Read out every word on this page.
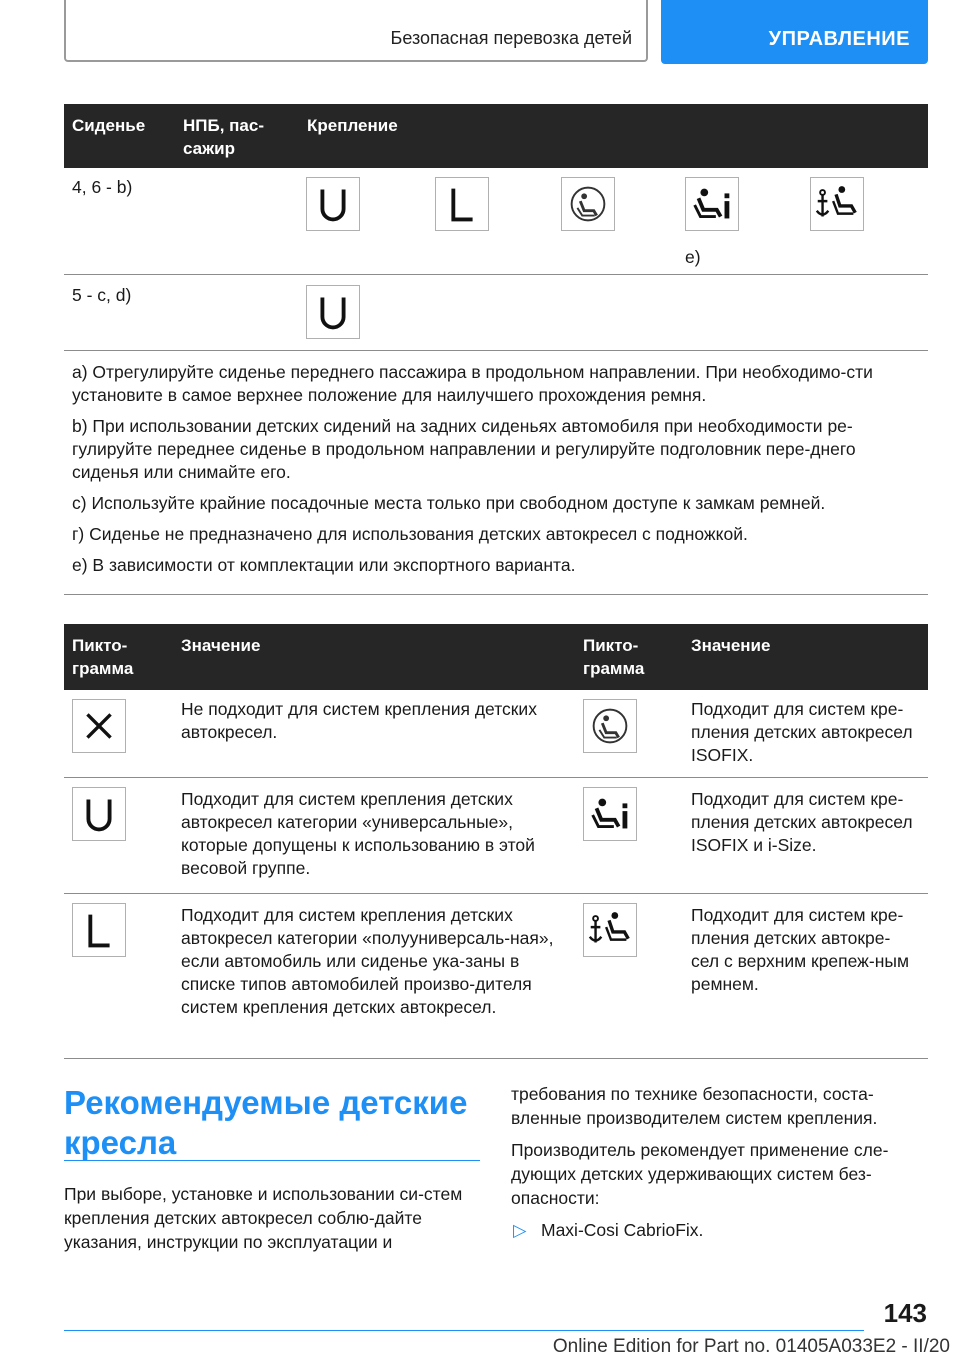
Безопасная перевозка детей	УПРАВЛЕНИЕ
Сиденье НПБ, пас-
сажир
Крепление
4, 6 - b)
e)
5 - c, d)

a) Отрегулируйте сиденье переднего пассажира в продольном направлении. При необходимо-сти установите в самое верхнее положение для наилучшего прохождения ремня.

b) При использовании детских сидений на задних сиденьях автомобиля при необходимости ре-гулируйте переднее сиденье в продольном направлении и регулируйте подголовник пере-днего сиденья или снимайте его.

c) Используйте крайние посадочные места только при свободном доступе к замкам ремней.

г) Сиденье не предназначено для использования детских автокресел с подножкой.

e) В зависимости от комплектации или экспортного варианта.

Пикто-
грамма
Значение	Пикто-
грамма
Значение
Не подходит для систем крепления детских автокресел.
Подходит для систем кре-пления детских автокресел ISOFIX.
Подходит для систем крепления детских автокресел категории «универсальные», которые допущены к использованию в этой весовой группе.
Подходит для систем кре-пления детских автокресел ISOFIX и i-Size.
Подходит для систем крепления детских автокресел категории «полууниверсаль-ная», если автомобиль или сиденье ука-заны в списке типов автомобилей произво-дителя систем крепления детских автокресел.
Подходит для систем кре-пления детских автокре-сел с верхним крепеж-ным ремнем.
Рекомендуемые детские кресла

При выборе, установке и использовании си-стем крепления детских автокресел соблю-дайте указания, инструкции по эксплуатации и

требования по технике безопасности, соста-вленные производителем систем крепления.

Производитель рекомендует применение сле-дующих детских удерживающих систем без-опасности:

▷ Maxi-Cosi CabrioFix.
143
Online Edition for Part no. 01405A033E2 - II/20
